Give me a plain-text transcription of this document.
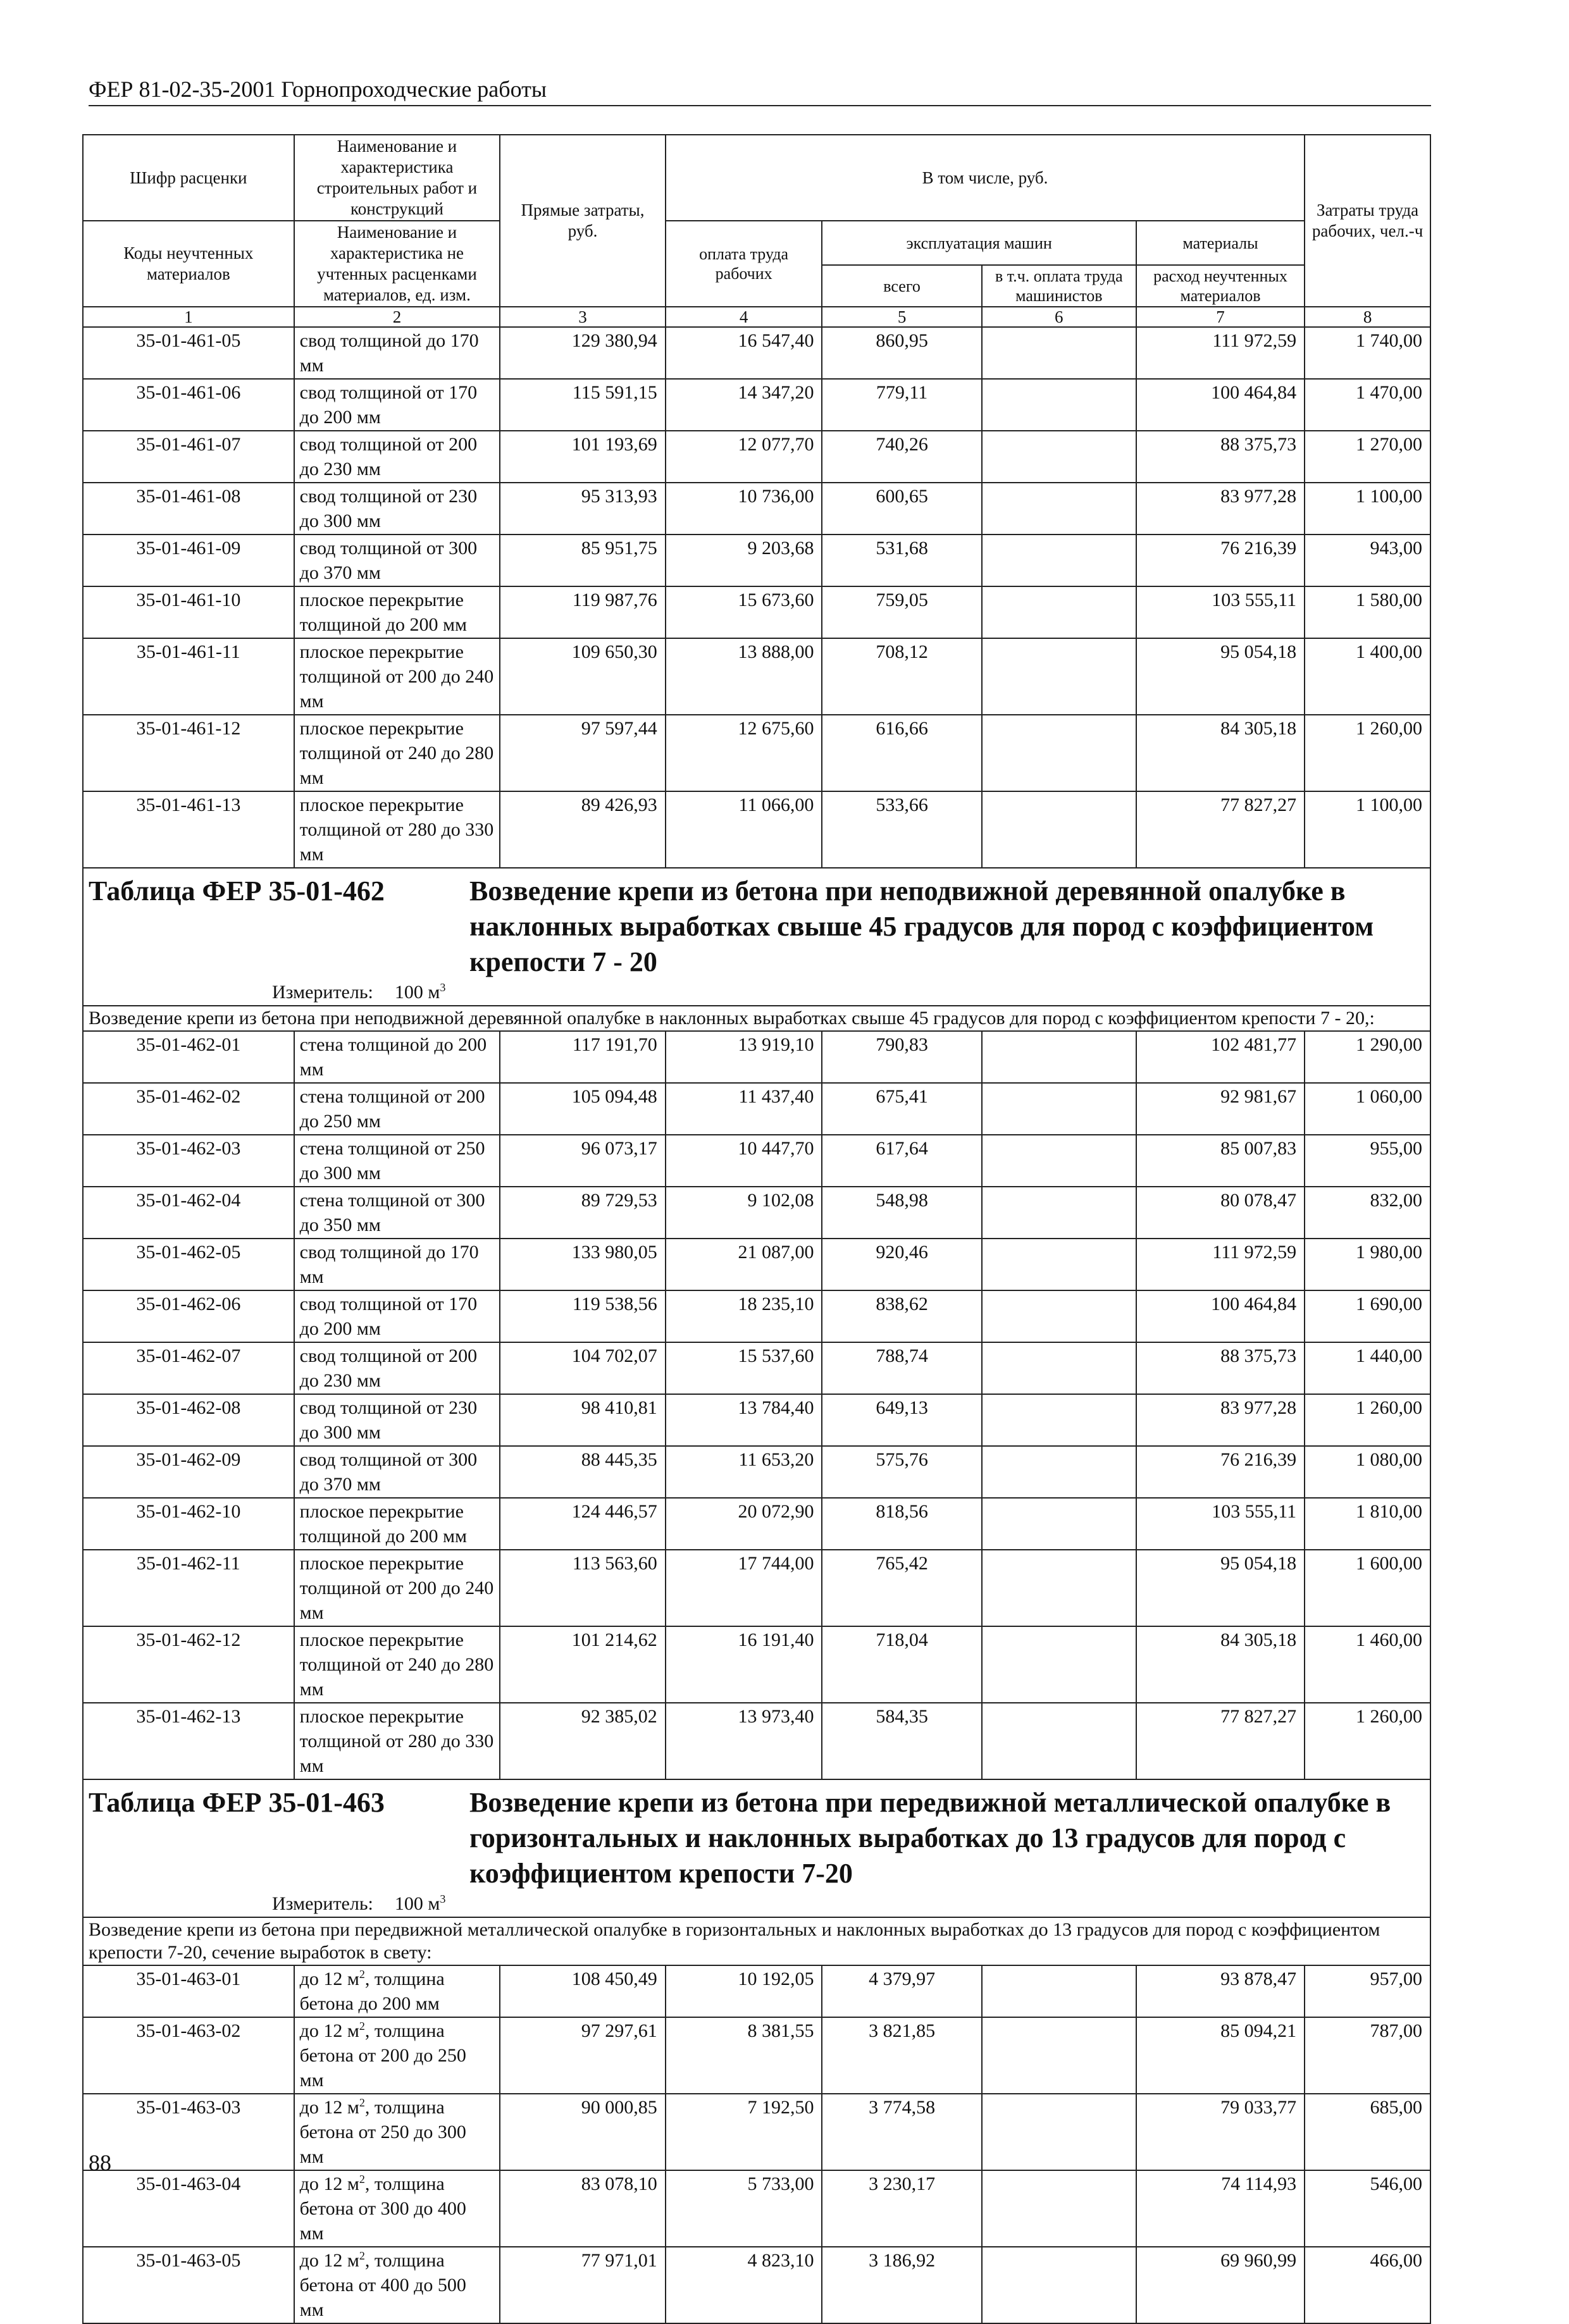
ФЕР 81-02-35-2001 Горнопроходческие работы
Шифр расценки	Наименование и характеристика строительных работ и конструкций	Прямые затраты, руб.	В том числе, руб.				Затраты труда рабочих, чел.-ч
Коды неучтенных материалов	Наименование и характеристика не учтенных расценками материалов, ед. изм.						
			оплата труда рабочих	эксплуатация машин		материалы	
				всего	в т.ч. оплата труда машинистов	расход неучтенных материалов	
1	2	3	4	5	6	7	8
35-01-461-05	свод толщиной до 170 мм	129 380,94	16 547,40	860,95		111 972,59	1 740,00
35-01-461-06	свод толщиной от 170 до 200 мм	115 591,15	14 347,20	779,11		100 464,84	1 470,00
35-01-461-07	свод толщиной от 200 до 230 мм	101 193,69	12 077,70	740,26		88 375,73	1 270,00
35-01-461-08	свод толщиной от 230 до 300 мм	95 313,93	10 736,00	600,65		83 977,28	1 100,00
35-01-461-09	свод толщиной от 300 до 370 мм	85 951,75	9 203,68	531,68		76 216,39	943,00
35-01-461-10	плоское перекрытие толщиной до 200 мм	119 987,76	15 673,60	759,05		103 555,11	1 580,00
35-01-461-11	плоское перекрытие толщиной от 200 до 240 мм	109 650,30	13 888,00	708,12		95 054,18	1 400,00
35-01-461-12	плоское перекрытие толщиной от 240 до 280 мм	97 597,44	12 675,60	616,66		84 305,18	1 260,00
35-01-461-13	плоское перекрытие толщиной от 280 до 330 мм	89 426,93	11 066,00	533,66		77 827,27	1 100,00

Таблица ФЕР 35-01-462 Возведение крепи из бетона при неподвижной деревянной опалубке в наклонных выработках свыше 45 градусов для пород с коэффициентом крепости 7 - 20
Измеритель: 100 $м^3$

Возведение крепи из бетона при неподвижной деревянной опалубке в наклонных выработках свыше 45 градусов для пород с коэффициентом крепости 7 - 20,:							
35-01-462-01	стена толщиной до 200 мм	117 191,70	13 919,10	790,83		102 481,77	1 290,00
35-01-462-02	стена толщиной от 200 до 250 мм	105 094,48	11 437,40	675,41		92 981,67	1 060,00
35-01-462-03	стена толщиной от 250 до 300 мм	96 073,17	10 447,70	617,64		85 007,83	955,00
35-01-462-04	стена толщиной от 300 до 350 мм	89 729,53	9 102,08	548,98		80 078,47	832,00
35-01-462-05	свод толщиной до 170 мм	133 980,05	21 087,00	920,46		111 972,59	1 980,00
35-01-462-06	свод толщиной от 170 до 200 мм	119 538,56	18 235,10	838,62		100 464,84	1 690,00
35-01-462-07	свод толщиной от 200 до 230 мм	104 702,07	15 537,60	788,74		88 375,73	1 440,00
35-01-462-08	свод толщиной от 230 до 300 мм	98 410,81	13 784,40	649,13		83 977,28	1 260,00
35-01-462-09	свод толщиной от 300 до 370 мм	88 445,35	11 653,20	575,76		76 216,39	1 080,00
35-01-462-10	плоское перекрытие толщиной до 200 мм	124 446,57	20 072,90	818,56		103 555,11	1 810,00
35-01-462-11	плоское перекрытие толщиной от 200 до 240 мм	113 563,60	17 744,00	765,42		95 054,18	1 600,00
35-01-462-12	плоское перекрытие толщиной от 240 до 280 мм	101 214,62	16 191,40	718,04		84 305,18	1 460,00
35-01-462-13	плоское перекрытие толщиной от 280 до 330 мм	92 385,02	13 973,40	584,35		77 827,27	1 260,00

Таблица ФЕР 35-01-463 Возведение крепи из бетона при передвижной металлической опалубке в горизонтальных и наклонных выработках до 13 градусов для пород с коэффициентом крепости 7-20
Измеритель: 100 $м^3$

Возведение крепи из бетона при передвижной металлической опалубке в горизонтальных и наклонных выработках до 13 градусов для пород с коэффициентом крепости 7-20, сечение выработок в свету:							
35-01-463-01	до 12 $м^2$, толщина бетона до 200 мм	108 450,49	10 192,05	4 379,97		93 878,47	957,00
35-01-463-02	до 12 $м^2$, толщина бетона от 200 до 250 мм	97 297,61	8 381,55	3 821,85		85 094,21	787,00
35-01-463-03	до 12 $м^2$, толщина бетона от 250 до 300 мм	90 000,85	7 192,50	3 774,58		79 033,77	685,00
35-01-463-04	до 12 $м^2$, толщина бетона от 300 до 400 мм	83 078,10	5 733,00	3 230,17		74 114,93	546,00
35-01-463-05	до 12 $м^2$, толщина бетона от 400 до 500 мм	77 971,01	4 823,10	3 186,92		69 960,99	466,00
88
